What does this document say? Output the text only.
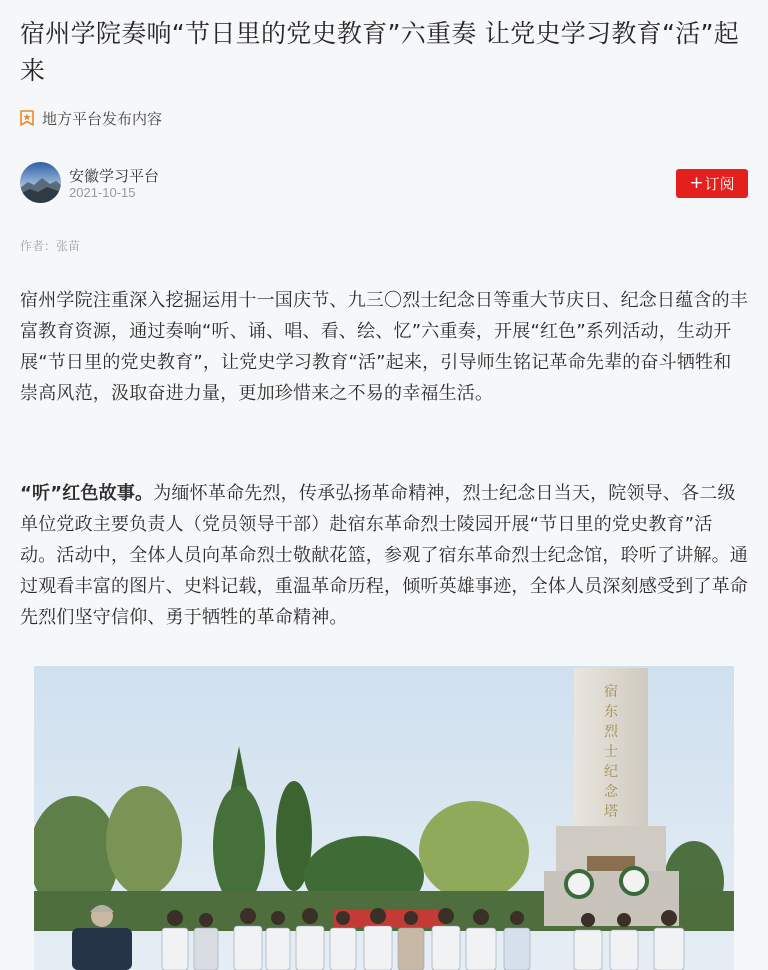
宿州学院奏响“节日里的党史教育”六重奏 让党史学习教育“活”起来
地方平台发布内容
安徽学习平台
2021-10-15	+ 订阅
作者：张苗

宿州学院注重深入挖掘运用十一国庆节、九三〇烈士纪念日等重大节庆日、纪念日蕴含的丰富教育资源，通过奏响“听、诵、唱、看、绘、忆”六重奏，开展“红色”系列活动，生动开展“节日里的党史教育”，让党史学习教育“活”起来，引导师生铭记革命先辈的奋斗牺牲和崇高风范，汲取奋进力量，更加珍惜来之不易的幸福生活。

“听”红色故事。为缅怀革命先烈，传承弘扬革命精神，烈士纪念日当天，院领导、各二级单位党政主要负责人（党员领导干部）赴宿东革命烈士陵园开展“节日里的党史教育”活动。活动中，全体人员向革命烈士敬献花篮，参观了宿东革命烈士纪念馆，聆听了讲解。通过观看丰富的图片、史料记载，重温革命历程，倾听英雄事迹，全体人员深刻感受到了革命先烈们坚守信仰、勇于牺牲的革命精神。

宿东烈士纪念塔
